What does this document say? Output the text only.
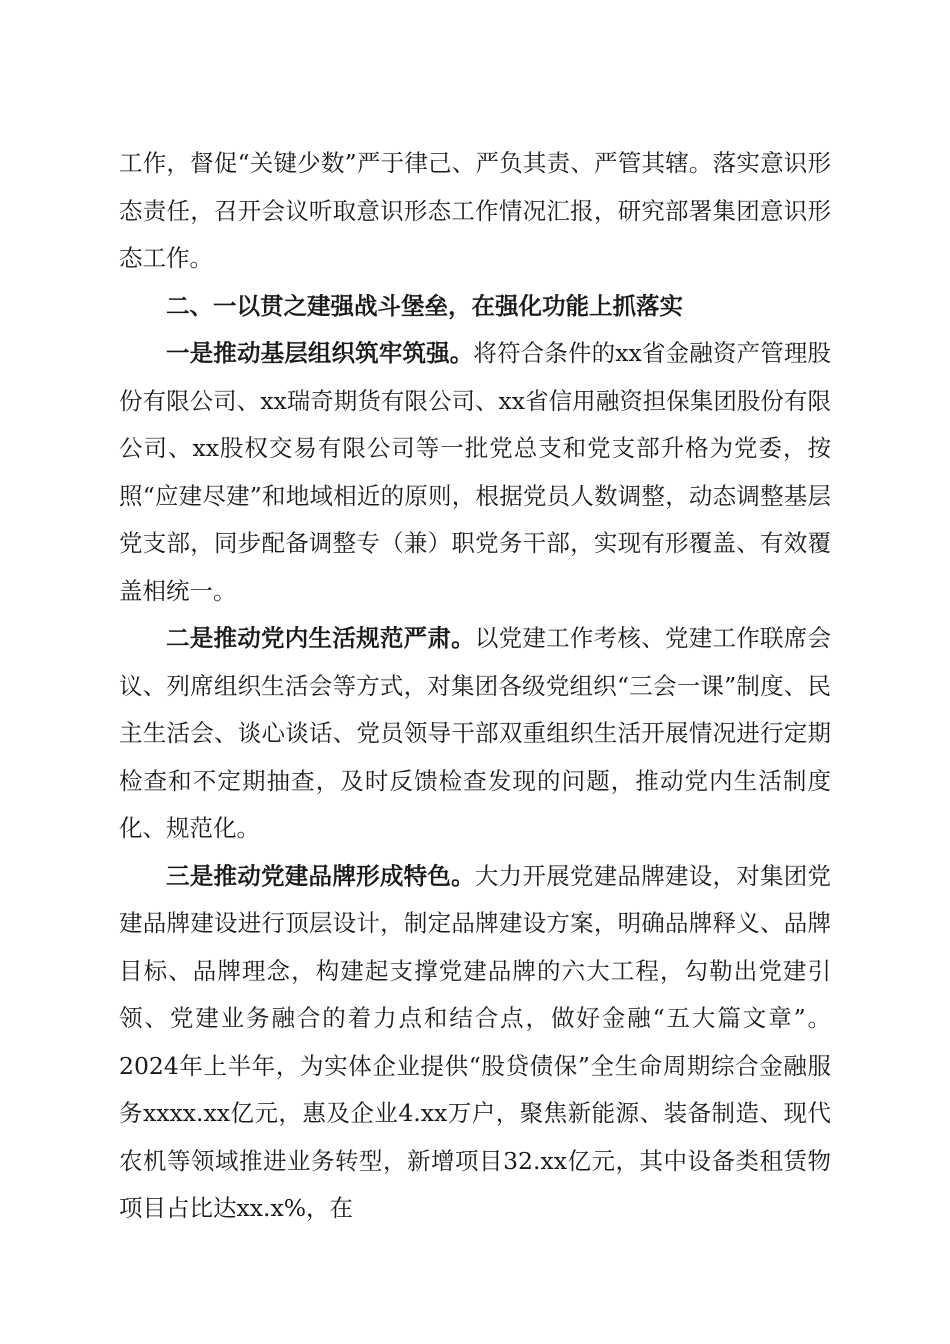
工作，督促“关键少数”严于律己、严负其责、严管其辖。落实意识形态责任，召开会议听取意识形态工作情况汇报，研究部署集团意识形态工作。

二、一以贯之建强战斗堡垒，在强化功能上抓落实

一是推动基层组织筑牢筑强。将符合条件的xx省金融资产管理股份有限公司、xx瑞奇期货有限公司、xx省信用融资担保集团股份有限公司、xx股权交易有限公司等一批党总支和党支部升格为党委，按照“应建尽建”和地域相近的原则，根据党员人数调整，动态调整基层党支部，同步配备调整专（兼）职党务干部，实现有形覆盖、有效覆盖相统一。

二是推动党内生活规范严肃。以党建工作考核、党建工作联席会议、列席组织生活会等方式，对集团各级党组织“三会一课”制度、民主生活会、谈心谈话、党员领导干部双重组织生活开展情况进行定期检查和不定期抽查，及时反馈检查发现的问题，推动党内生活制度化、规范化。

三是推动党建品牌形成特色。大力开展党建品牌建设，对集团党建品牌建设进行顶层设计，制定品牌建设方案，明确品牌释义、品牌目标、品牌理念，构建起支撑党建品牌的六大工程，勾勒出党建引领、党建业务融合的着力点和结合点，做好金融“五大篇文章”。2024年上半年，为实体企业提供“股贷债保”全生命周期综合金融服务xxxx.xx亿元，惠及企业4.xx万户，聚焦新能源、装备制造、现代农机等领域推进业务转型，新增项目32.xx亿元，其中设备类租赁物项目占比达xx.x%，在
